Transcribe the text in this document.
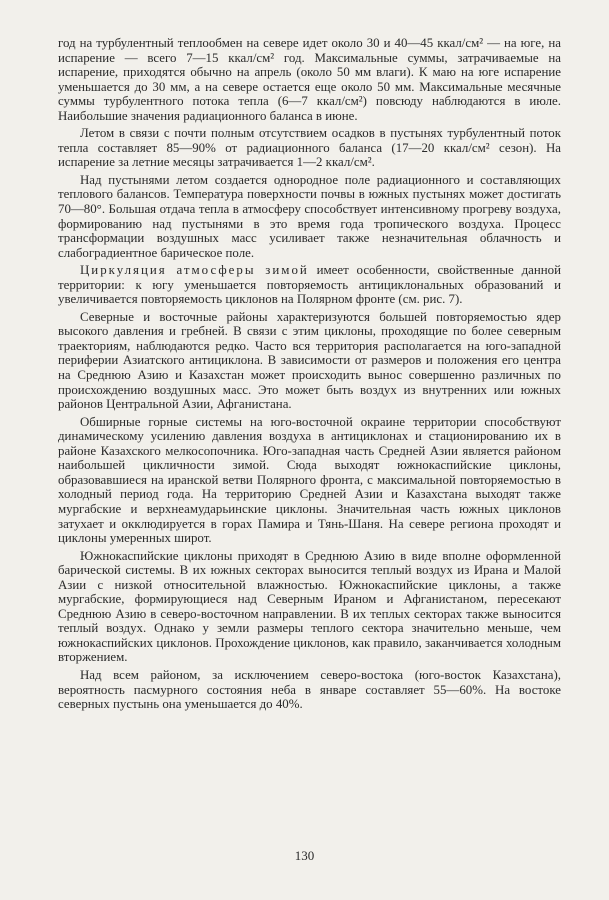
год на турбулентный теплообмен на севере идет около 30 и 40—45 ккал/см² — на юге, на испарение — всего 7—15 ккал/см² год. Максимальные суммы, затрачиваемые на испарение, приходятся обычно на апрель (около 50 мм влаги). К маю на юге испарение уменьшается до 30 мм, а на севере остается еще около 50 мм. Максимальные месячные суммы турбулентного потока тепла (6—7 ккал/см²) повсюду наблюдаются в июле. Наибольшие значения радиационного баланса в июне.

Летом в связи с почти полным отсутствием осадков в пустынях турбулентный поток тепла составляет 85—90% от радиационного баланса (17—20 ккал/см² сезон). На испарение за летние месяцы затрачивается 1—2 ккал/см².

Над пустынями летом создается однородное поле радиационного и составляющих теплового балансов. Температура поверхности почвы в южных пустынях может достигать 70—80°. Большая отдача тепла в атмосферу способствует интенсивному прогреву воздуха, формированию над пустынями в это время года тропического воздуха. Процесс трансформации воздушных масс усиливает также незначительная облачность и слабоградиентное барическое поле.

Циркуляция атмосферы зимой имеет особенности, свойственные данной территории: к югу уменьшается повторяемость антициклональных образований и увеличивается повторяемость циклонов на Полярном фронте (см. рис. 7).

Северные и восточные районы характеризуются большей повторяемостью ядер высокого давления и гребней. В связи с этим циклоны, проходящие по более северным траекториям, наблюдаются редко. Часто вся территория располагается на юго-западной периферии Азиатского антициклона. В зависимости от размеров и положения его центра на Среднюю Азию и Казахстан может происходить вынос совершенно различных по происхождению воздушных масс. Это может быть воздух из внутренних или южных районов Центральной Азии, Афганистана.

Обширные горные системы на юго-восточной окраине территории способствуют динамическому усилению давления воздуха в антициклонах и стационированию их в районе Казахского мелкосопочника. Юго-западная часть Средней Азии является районом наибольшей цикличности зимой. Сюда выходят южнокаспийские циклоны, образовавшиеся на иранской ветви Полярного фронта, с максимальной повторяемостью в холодный период года. На территорию Средней Азии и Казахстана выходят также мургабские и верхнеамударьинские циклоны. Значительная часть южных циклонов затухает и окклюдируется в горах Памира и Тянь-Шаня. На севере региона проходят и циклоны умеренных широт.

Южнокаспийские циклоны приходят в Среднюю Азию в виде вполне оформленной барической системы. В их южных секторах выносится теплый воздух из Ирана и Малой Азии с низкой относительной влажностью. Южнокаспийские циклоны, а также мургабские, формирующиеся над Северным Ираном и Афганистаном, пересекают Среднюю Азию в северо-восточном направлении. В их теплых секторах также выносится теплый воздух. Однако у земли размеры теплого сектора значительно меньше, чем южнокаспийских циклонов. Прохождение циклонов, как правило, заканчивается холодным вторжением.

Над всем районом, за исключением северо-востока (юго-восток Казахстана), вероятность пасмурного состояния неба в январе составляет 55—60%. На востоке северных пустынь она уменьшается до 40%.

130
